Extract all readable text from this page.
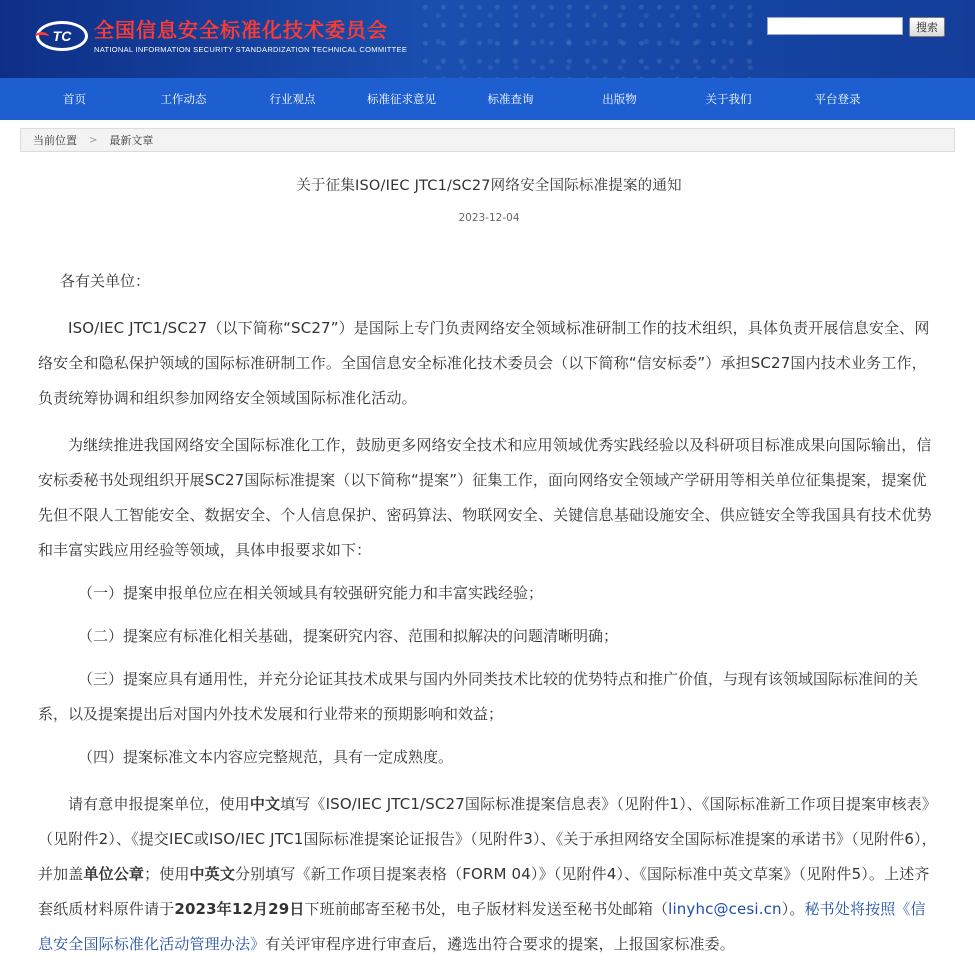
TC 全国信息安全标准化技术委员会
NATIONAL INFORMATION SECURITY STANDARDIZATION TECHNICAL COMMITTEE
搜索
首页	工作动态	行业观点	标准征求意见	标准查询	出版物	关于我们	平台登录
当前位置 > 最新文章
关于征集ISO/IEC JTC1/SC27网络安全国际标准提案的通知
2023-12-04

各有关单位：

ISO/IEC JTC1/SC27（以下简称“SC27”）是国际上专门负责网络安全领域标准研制工作的技术组织，具体负责开展信息安全、网络安全和隐私保护领域的国际标准研制工作。全国信息安全标准化技术委员会（以下简称“信安标委”）承担SC27国内技术业务工作，负责统筹协调和组织参加网络安全领域国际标准化活动。

为继续推进我国网络安全国际标准化工作，鼓励更多网络安全技术和应用领域优秀实践经验以及科研项目标准成果向国际输出，信安标委秘书处现组织开展SC27国际标准提案（以下简称“提案”）征集工作，面向网络安全领域产学研用等相关单位征集提案，提案优先但不限人工智能安全、数据安全、个人信息保护、密码算法、物联网安全、关键信息基础设施安全、供应链安全等我国具有技术优势和丰富实践应用经验等领域，具体申报要求如下：

（一）提案申报单位应在相关领域具有较强研究能力和丰富实践经验；

（二）提案应有标准化相关基础，提案研究内容、范围和拟解决的问题清晰明确；

（三）提案应具有通用性，并充分论证其技术成果与国内外同类技术比较的优势特点和推广价值，与现有该领域国际标准间的关系，以及提案提出后对国内外技术发展和行业带来的预期影响和效益；

（四）提案标准文本内容应完整规范，具有一定成熟度。

请有意申报提案单位，使用中文填写《ISO/IEC JTC1/SC27国际标准提案信息表》（见附件1）、《国际标准新工作项目提案审核表》（见附件2）、《提交IEC或ISO/IEC JTC1国际标准提案论证报告》（见附件3）、《关于承担网络安全国际标准提案的承诺书》（见附件6），并加盖单位公章；使用中英文分别填写《新工作项目提案表格（FORM 04）》（见附件4）、《国际标准中英文草案》（见附件5）。上述齐套纸质材料原件请于2023年12月29日下班前邮寄至秘书处，电子版材料发送至秘书处邮箱（linyhc@cesi.cn）。秘书处将按照《信息安全国际标准化活动管理办法》有关评审程序进行审查后，遴选出符合要求的提案，上报国家标准委。
